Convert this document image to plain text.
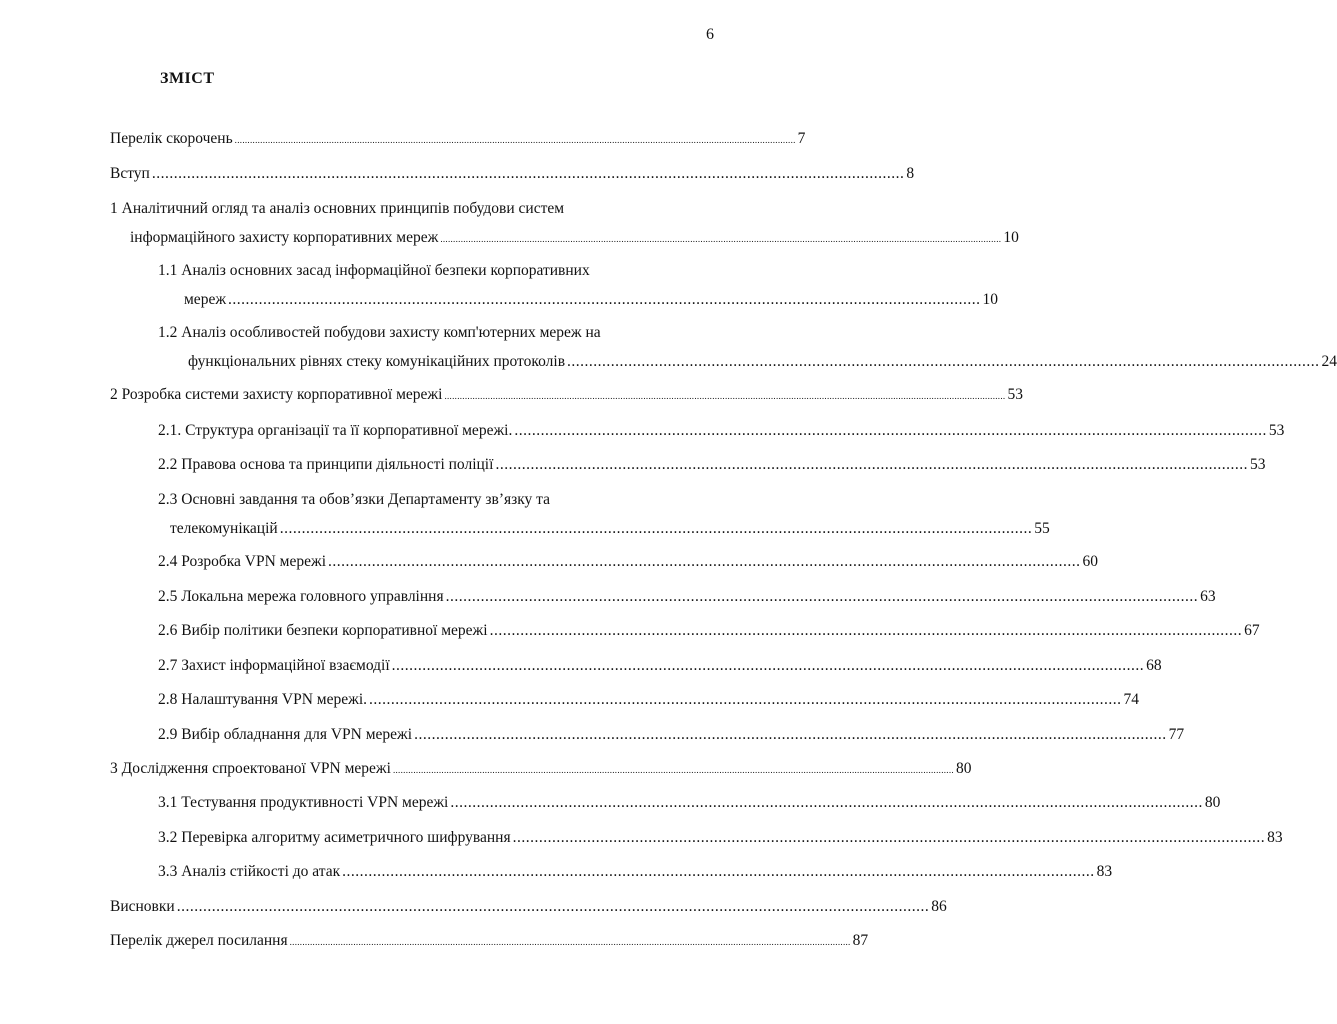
6
ЗМІСТ
Перелік скорочень ............................................................................................................................................................................................................................ 7
Вступ ............................................................................................................................................................................ 8
1 Аналітичний огляд та аналіз основних принципів побудови систем
інформаційного захисту корпоративних мереж ............................................................................................................................................................................................................................ 10
1.1 Аналіз основних засад інформаційної безпеки корпоративних
мереж ............................................................................................................................................................................ 10
1.2 Аналіз особливостей побудови захисту комп'ютерних мереж на
функціональних рівнях стеку комунікаційних протоколів ............................................................................................................................................................................ 24
2 Розробка системи захисту корпоративної мережі ............................................................................................................................................................................................................................ 53
2.1. Структура організації та її корпоративної мережі. ............................................................................................................................................................................ 53
2.2 Правова основа та принципи діяльності поліції ............................................................................................................................................................................ 53
2.3 Основні завдання та обов’язки Департаменту зв’язку та
телекомунікацій ............................................................................................................................................................................ 55
2.4 Розробка VPN мережі ............................................................................................................................................................................ 60
2.5 Локальна мережа головного управління ............................................................................................................................................................................ 63
2.6 Вибір політики безпеки корпоративної мережі ............................................................................................................................................................................ 67
2.7 Захист інформаційної взаємодії ............................................................................................................................................................................ 68
2.8 Налаштування VPN мережі. ............................................................................................................................................................................ 74
2.9 Вибір обладнання для VPN мережі ............................................................................................................................................................................ 77
3 Дослідження спроектованої VPN мережі ............................................................................................................................................................................................................................ 80
3.1 Тестування продуктивності VPN мережі ............................................................................................................................................................................ 80
3.2 Перевірка алгоритму асиметричного шифрування ............................................................................................................................................................................ 83
3.3 Аналіз стійкості до атак ............................................................................................................................................................................ 83
Висновки ............................................................................................................................................................................ 86
Перелік джерел посилання ............................................................................................................................................................................................................................ 87
